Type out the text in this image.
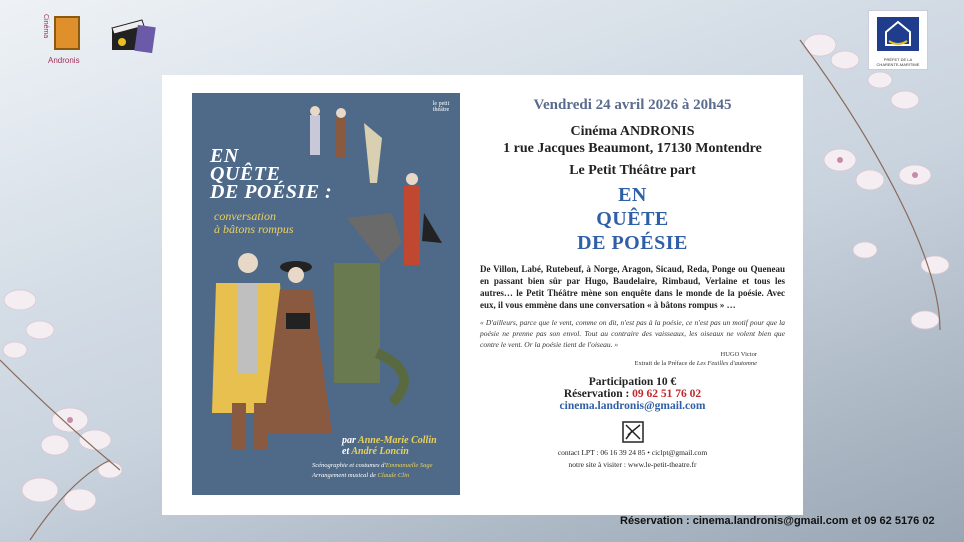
Cinéma
Andronis	PRÉFET DE LA CHARENTE-MARITIME
le petit théâtre
EN
QUÊTE
DE POÉSIE :
conversation
à bâtons rompus
par Anne-Marie Collin
et André Loncin
Scénographie et costumes d'Emmanuelle Sage
Arrangement musical de Claude Clin
Vendredi 24 avril 2026 à 20h45
Cinéma ANDRONIS
1 rue Jacques Beaumont, 17130 Montendre
Le Petit Théâtre part
EN
QUÊTE
DE POÉSIE
De Villon, Labé, Rutebeuf, à Norge, Aragon, Sicaud, Reda, Ponge ou Queneau en passant bien sûr par Hugo, Baudelaire, Rimbaud, Verlaine et tous les autres… le Petit Théâtre mène son enquête dans le monde de la poésie. Avec eux, il vous emmène dans une conversation « à bâtons rompus » …
« D'ailleurs, parce que le vent, comme on dit, n'est pas à la poésie, ce n'est pas un motif pour que la poésie ne prenne pas son envol. Tout au contraire des vaisseaux, les oiseaux ne volent bien que contre le vent. Or la poésie tient de l'oiseau. »
HUGO Victor
Extrait de la Préface de Les Feuilles d'automne
Participation 10 €
Réservation : 09 62 51 76 02
cinema.landronis@gmail.com
contact LPT : 06 16 39 24 85 • ciclpt@gmail.com
notre site à visiter : www.le-petit-theatre.fr
Réservation : cinema.landronis@gmail.com et 09 62 5176 02
